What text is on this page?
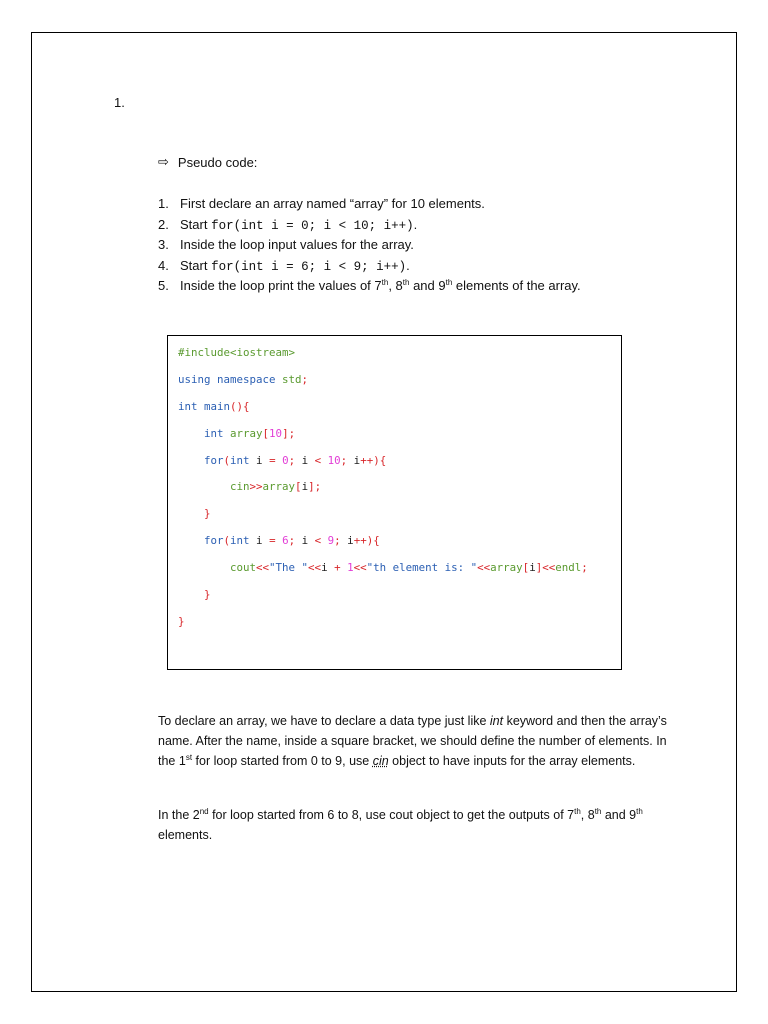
1.
⇨ Pseudo code:
1. First declare an array named “array” for 10 elements.
2. Start for(int i = 0; i < 10; i++).
3. Inside the loop input values for the array.
4. Start for(int i = 6; i < 9; i++).
5. Inside the loop print the values of 7th, 8th and 9th elements of the array.
#include<iostream>
using namespace std;
int main(){
int array[10];
for(int i = 0; i < 10; i++){
cin>>array[i];
}
for(int i = 6; i < 9; i++){
cout<<"The "<<i + 1<<"th element is: "<<array[i]<<endl;
}
}

To declare an array, we have to declare a data type just like int keyword and then the array’s name. After the name, inside a square bracket, we should define the number of elements. In the 1st for loop started from 0 to 9, use cin object to have inputs for the array elements.

In the 2nd for loop started from 6 to 8, use cout object to get the outputs of 7th, 8th and 9th elements.
